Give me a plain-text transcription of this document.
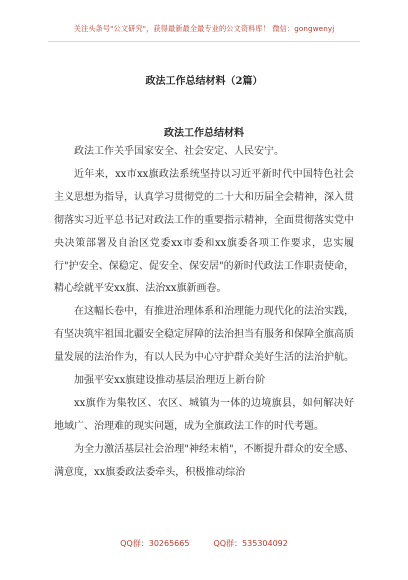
关注头条号"公文研究"，获得最新最全最专业的公文资料库！ 微信：gongwenyj
政法工作总结材料（2篇）
政法工作总结材料

政法工作关乎国家安全、社会安定、人民安宁。

近年来，xx市xx旗政法系统坚持以习近平新时代中国特色社会主义思想为指导，认真学习贯彻党的二十大和历届全会精神，深入贯彻落实习近平总书记对政法工作的重要指示精神，全面贯彻落实党中央决策部署及自治区党委xx市委和xx旗委各项工作要求，忠实履行"护安全、保稳定、促安全、保安居"的新时代政法工作职责使命，精心绘就平安xx旗、法治xx旗新画卷。

在这幅长卷中，有推进治理体系和治理能力现代化的法治实践，有坚决筑牢祖国北疆安全稳定屏障的法治担当有服务和保障全旗高质量发展的法治作为，有以人民为中心守护群众美好生活的法治护航。

加强平安xx旗建设推动基层治理迈上新台阶

xx旗作为集牧区、农区、城镇为一体的边境旗县，如何解决好地域广、治理难的现实问题，成为全旗政法工作的时代考题。

为全力激活基层社会治理"神经末梢"，不断提升群众的安全感、满意度，xx旗委政法委牵头，积极推动综治

QQ群：30265665	QQ群：535304092
